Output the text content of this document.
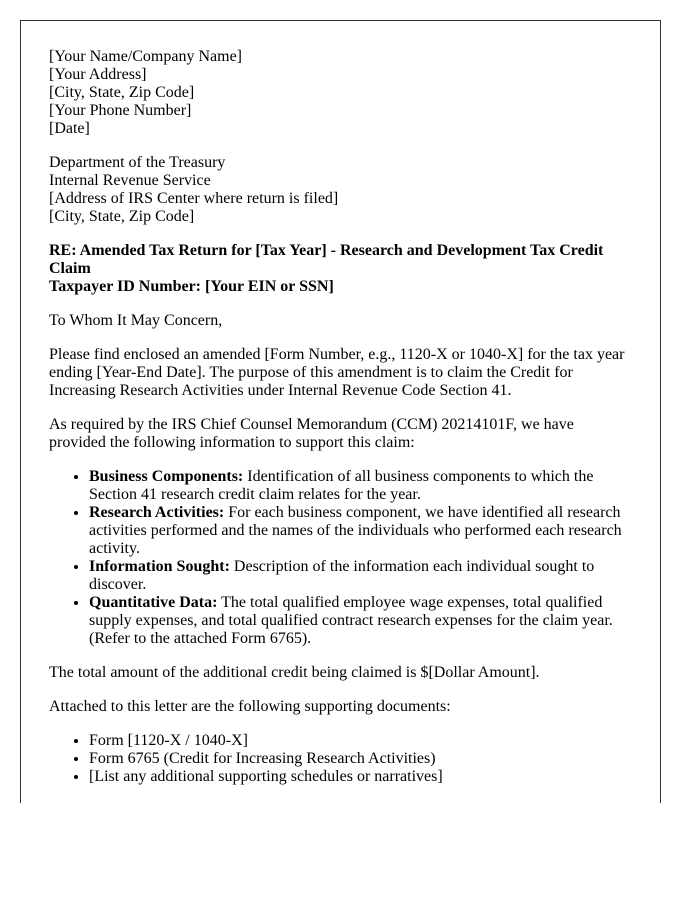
[Your Name/Company Name]
[Your Address]
[City, State, Zip Code]
[Your Phone Number]
[Date]

Department of the Treasury
Internal Revenue Service
[Address of IRS Center where return is filed]
[City, State, Zip Code]

RE: Amended Tax Return for [Tax Year] - Research and Development Tax Credit Claim
Taxpayer ID Number: [Your EIN or SSN]

To Whom It May Concern,

Please find enclosed an amended [Form Number, e.g., 1120-X or 1040-X] for the tax year ending [Year-End Date]. The purpose of this amendment is to claim the Credit for Increasing Research Activities under Internal Revenue Code Section 41.

As required by the IRS Chief Counsel Memorandum (CCM) 20214101F, we have provided the following information to support this claim:

• Business Components: Identification of all business components to which the Section 41 research credit claim relates for the year.
• Research Activities: For each business component, we have identified all research activities performed and the names of the individuals who performed each research activity.
• Information Sought: Description of the information each individual sought to discover.
• Quantitative Data: The total qualified employee wage expenses, total qualified supply expenses, and total qualified contract research expenses for the claim year. (Refer to the attached Form 6765).

The total amount of the additional credit being claimed is $[Dollar Amount].

Attached to this letter are the following supporting documents:

• Form [1120-X / 1040-X]
• Form 6765 (Credit for Increasing Research Activities)
• [List any additional supporting schedules or narratives]
